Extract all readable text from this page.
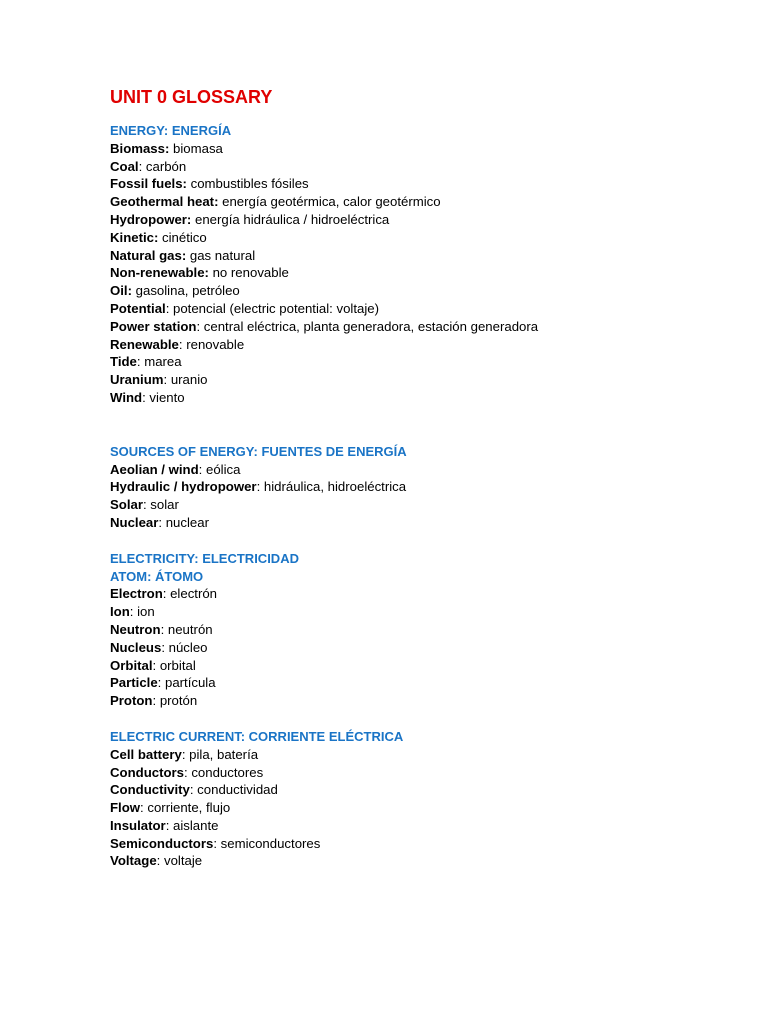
UNIT 0 GLOSSARY
ENERGY: ENERGÍA
Biomass: biomasa
Coal: carbón
Fossil fuels: combustibles fósiles
Geothermal heat: energía geotérmica, calor geotérmico
Hydropower: energía hidráulica / hidroeléctrica
Kinetic: cinético
Natural gas: gas natural
Non-renewable: no renovable
Oil: gasolina, petróleo
Potential: potencial (electric potential: voltaje)
Power station: central eléctrica, planta generadora, estación generadora
Renewable: renovable
Tide: marea
Uranium: uranio
Wind: viento
SOURCES OF ENERGY: FUENTES DE ENERGÍA
Aeolian / wind: eólica
Hydraulic / hydropower: hidráulica, hidroeléctrica
Solar: solar
Nuclear: nuclear
ELECTRICITY: ELECTRICIDAD
ATOM: ÁTOMO
Electron: electrón
Ion: ion
Neutron: neutrón
Nucleus: núcleo
Orbital: orbital
Particle: partícula
Proton: protón
ELECTRIC CURRENT: CORRIENTE ELÉCTRICA
Cell battery: pila, batería
Conductors: conductores
Conductivity: conductividad
Flow: corriente, flujo
Insulator: aislante
Semiconductors: semiconductores
Voltage: voltaje
